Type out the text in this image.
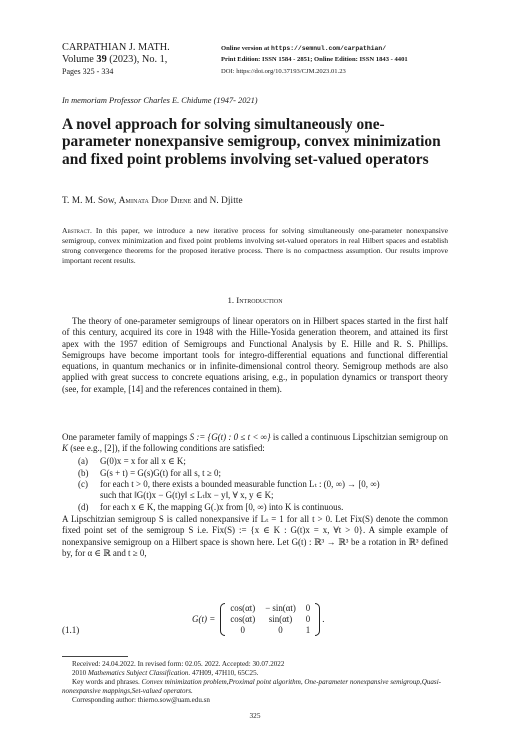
CARPATHIAN J. MATH.
Volume 39 (2023), No. 1,
Pages 325 - 334
Online version at https://semnul.com/carpathian/
Print Edition: ISSN 1584 - 2851; Online Edition: ISSN 1843 - 4401
DOI: https://doi.org/10.37193/CJM.2023.01.23
In memoriam Professor Charles E. Chidume (1947- 2021)
A novel approach for solving simultaneously one-parameter nonexpansive semigroup, convex minimization and fixed point problems involving set-valued operators
T. M. M. Sow, Aminata Diop Diene and N. Djitte
Abstract. In this paper, we introduce a new iterative process for solving simultaneously one-parameter nonexpansive semigroup, convex minimization and fixed point problems involving set-valued operators in real Hilbert spaces and establish strong convergence theorems for the proposed iterative process. There is no compactness assumption. Our results improve important recent results.
1. Introduction
The theory of one-parameter semigroups of linear operators on in Hilbert spaces started in the first half of this century, acquired its core in 1948 with the Hille-Yosida generation theorem, and attained its first apex with the 1957 edition of Semigroups and Functional Analysis by E. Hille and R. S. Phillips. Semigroups have become important tools for integro-differential equations and functional differential equations, in quantum mechanics or in infinite-dimensional control theory. Semigroup methods are also applied with great success to concrete equations arising, e.g., in population dynamics or transport theory (see, for example, [14] and the references contained in them).
One parameter family of mappings S := {G(t) : 0 ≤ t < ∞} is called a continuous Lipschitzian semigroup on K (see e.g., [2]), if the following conditions are satisfied:
(a) G(0)x = x for all x ∈ K;
(b) G(s + t) = G(s)G(t) for all s, t ≥ 0;
(c) for each t > 0, there exists a bounded measurable function Lₜ : (0, ∞) → [0, ∞)
such that ‖G(t)x − G(t)y‖ ≤ Lₜ‖x − y‖, ∀ x, y ∈ K;
(d) for each x ∈ K, the mapping G(.)x from [0, ∞) into K is continuous.
A Lipschitzian semigroup S is called nonexpansive if Lₜ = 1 for all t > 0. Let Fix(S) denote the common fixed point set of the semigroup S i.e. Fix(S) := {x ∈ K : G(t)x = x, ∀t > 0}. A simple example of nonexpansive semigroup on a Hilbert space is shown here. Let G(t) : ℝ³ → ℝ³ be a rotation in ℝ³ defined by, for α ∈ ℝ and t ≥ 0,
(1.1)
G(t) =	
cos(αt)	− sin(αt)	0
cos(αt)	sin(αt)	0
0	0	1
	.
Received: 24.04.2022. In revised form: 02.05. 2022. Accepted: 30.07.2022
2010 Mathematics Subject Classification. 47H09, 47H10, 65C25.
Key words and phrases. Convex minimization problem,Proximal point algorithm, One-parameter nonexpansive semigroup,Quasi-nonexpansive mappings,Set-valued operators.
Corresponding author: thierno.sow@uam.edu.sn
325
